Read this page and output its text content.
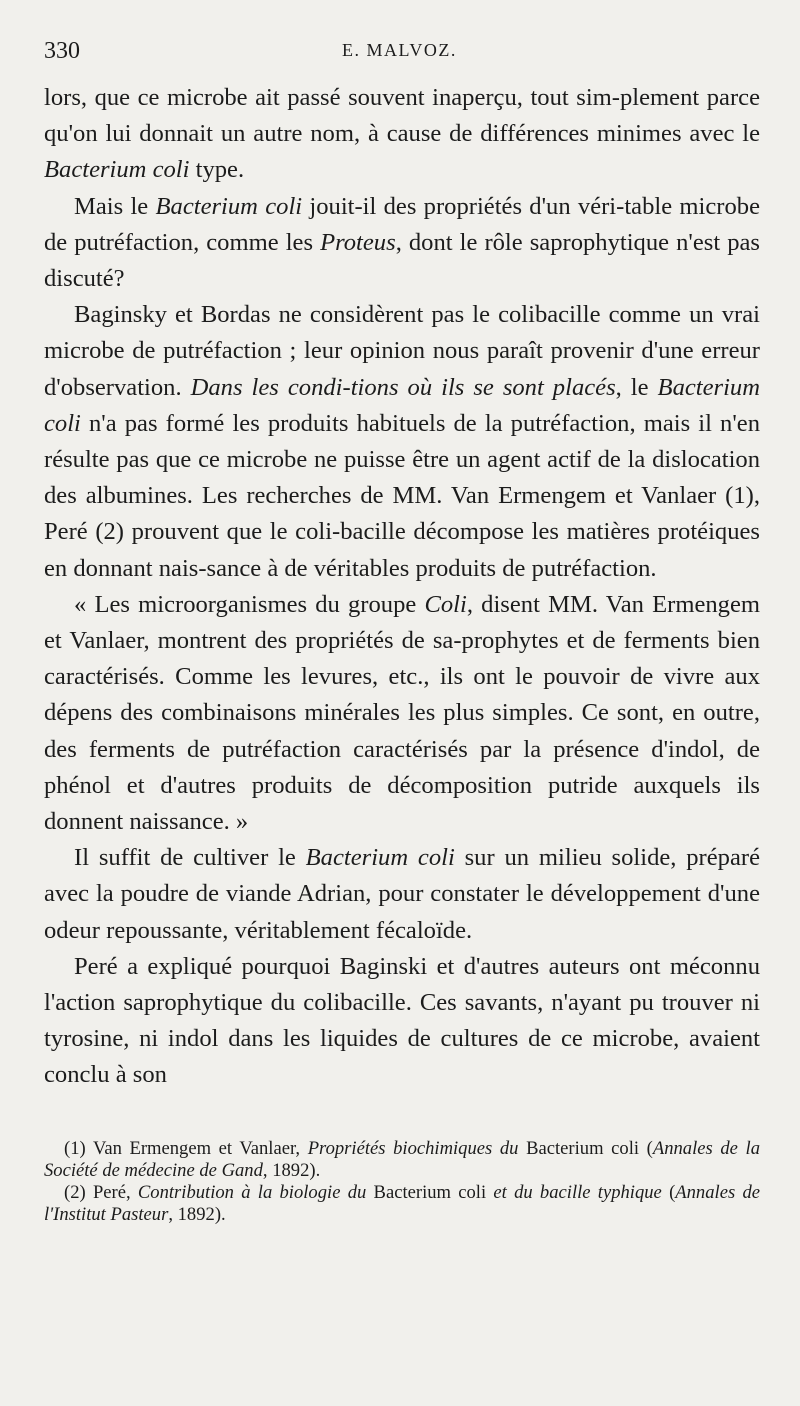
330	E. MALVOZ.

lors, que ce microbe ait passé souvent inaperçu, tout sim-plement parce qu'on lui donnait un autre nom, à cause de différences minimes avec le Bacterium coli type.

Mais le Bacterium coli jouit-il des propriétés d'un véri-table microbe de putréfaction, comme les Proteus, dont le rôle saprophytique n'est pas discuté?

Baginsky et Bordas ne considèrent pas le colibacille comme un vrai microbe de putréfaction ; leur opinion nous paraît provenir d'une erreur d'observation. Dans les condi-tions où ils se sont placés, le Bacterium coli n'a pas formé les produits habituels de la putréfaction, mais il n'en résulte pas que ce microbe ne puisse être un agent actif de la dislocation des albumines. Les recherches de MM. Van Ermengem et Vanlaer (1), Peré (2) prouvent que le coli-bacille décompose les matières protéiques en donnant nais-sance à de véritables produits de putréfaction.

« Les microorganismes du groupe Coli, disent MM. Van Ermengem et Vanlaer, montrent des propriétés de sa-prophytes et de ferments bien caractérisés. Comme les levures, etc., ils ont le pouvoir de vivre aux dépens des combinaisons minérales les plus simples. Ce sont, en outre, des ferments de putréfaction caractérisés par la présence d'indol, de phénol et d'autres produits de décomposition putride auxquels ils donnent naissance. »

Il suffit de cultiver le Bacterium coli sur un milieu solide, préparé avec la poudre de viande Adrian, pour constater le développement d'une odeur repoussante, véritablement fécaloïde.

Peré a expliqué pourquoi Baginski et d'autres auteurs ont méconnu l'action saprophytique du colibacille. Ces savants, n'ayant pu trouver ni tyrosine, ni indol dans les liquides de cultures de ce microbe, avaient conclu à son

(1) Van Ermengem et Vanlaer, Propriétés biochimiques du Bacterium coli (Annales de la Société de médecine de Gand, 1892).

(2) Peré, Contribution à la biologie du Bacterium coli et du bacille typhique (Annales de l'Institut Pasteur, 1892).
